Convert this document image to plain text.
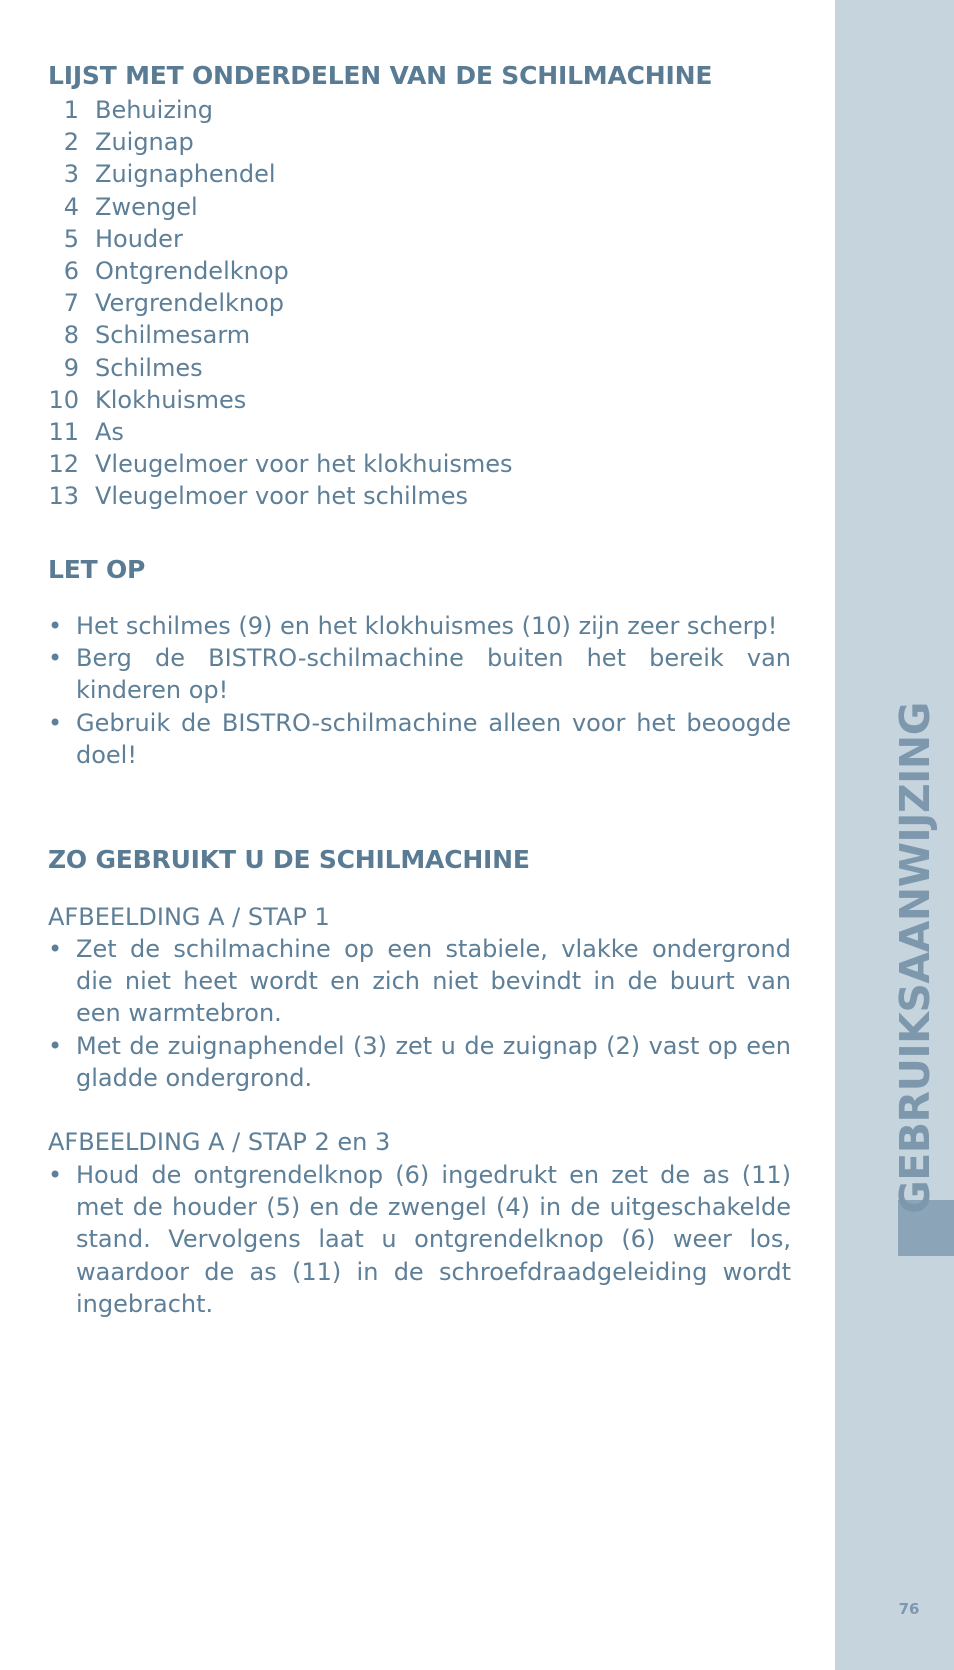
LIJST MET ONDERDELEN VAN DE SCHILMACHINE
1 Behuizing
2 Zuignap
3 Zuignaphendel
4 Zwengel
5 Houder
6 Ontgrendelknop
7 Vergrendelknop
8 Schilmesarm
9 Schilmes
10 Klokhuismes
11 As
12 Vleugelmoer voor het klokhuismes
13 Vleugelmoer voor het schilmes
LET OP
• Het schilmes (9) en het klokhuismes (10) zijn zeer scherp!
• Berg de BISTRO-schilmachine buiten het bereik van kinderen op!
• Gebruik de BISTRO-schilmachine alleen voor het beoogde doel!
ZO GEBRUIKT U DE SCHILMACHINE
AFBEELDING A / STAP 1
• Zet de schilmachine op een stabiele, vlakke ondergrond die niet heet wordt en zich niet bevindt in de buurt van een warmtebron.
• Met de zuignaphendel (3) zet u de zuignap (2) vast op een gladde ondergrond.
AFBEELDING A / STAP 2 en 3
• Houd de ontgrendelknop (6) ingedrukt en zet de as (11) met de houder (5) en de zwengel (4) in de uitgeschakelde stand. Vervolgens laat u ontgrendelknop (6) weer los, waardoor de as (11) in de schroefdraadgeleiding wordt ingebracht.
GEBRUIKSAANWIJZING
76
